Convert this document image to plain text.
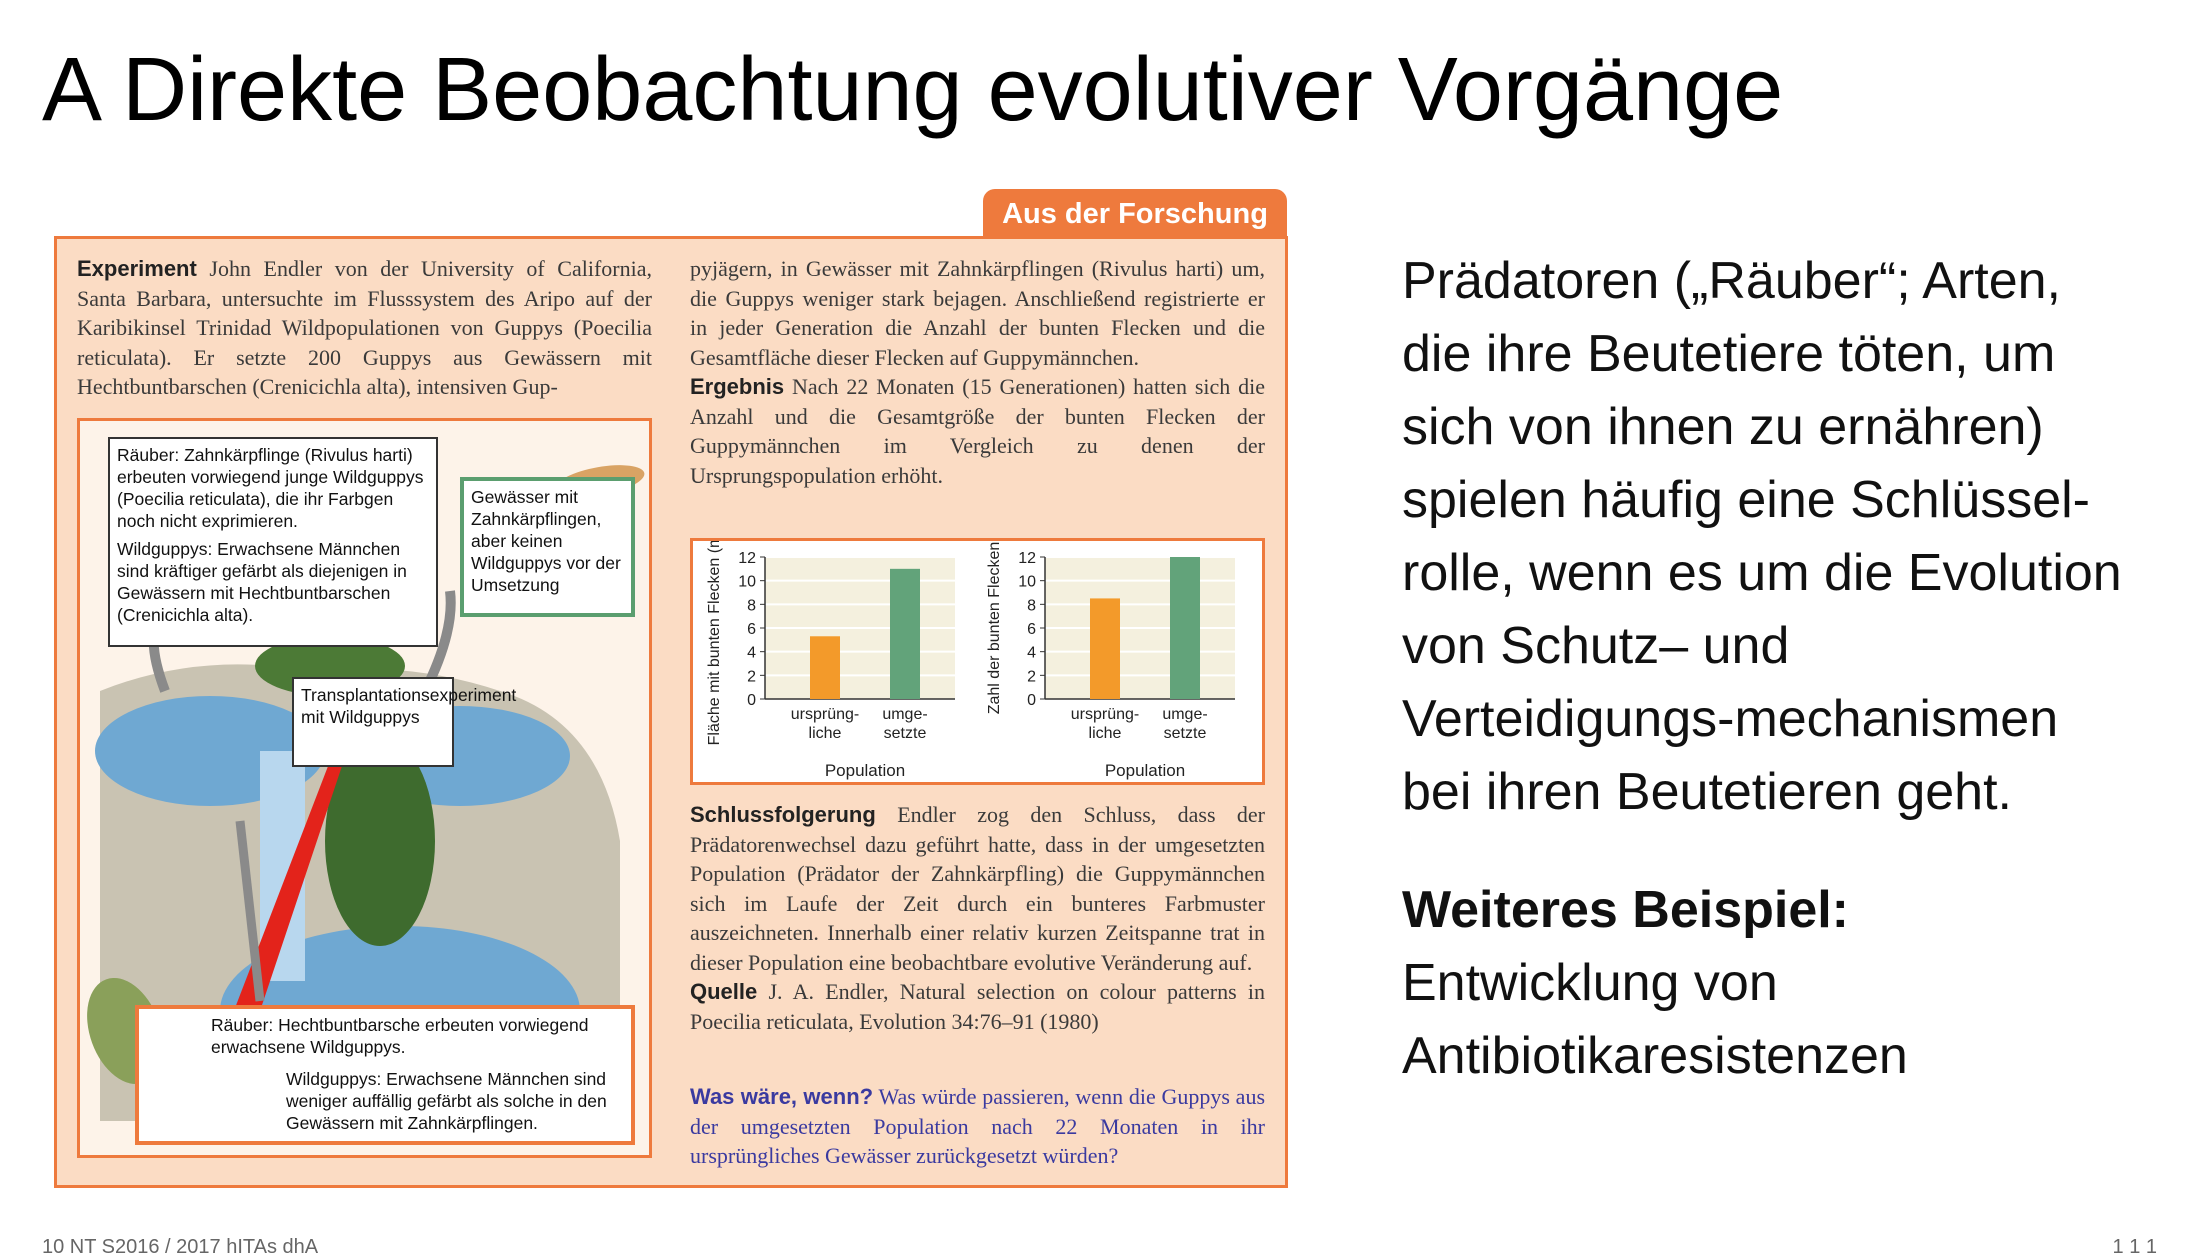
A Direkte Beobachtung evolutiver Vorgänge
Aus der Forschung
Experiment John Endler von der University of California, Santa Barbara, untersuchte im Flusssystem des Aripo auf der Karibikinsel Trinidad Wildpopulationen von Guppys (Poecilia reticulata). Er setzte 200 Guppys aus Gewässern mit Hechtbuntbarschen (Crenicichla alta), intensiven Gup-
pyjägern, in Gewässer mit Zahnkärpflingen (Rivulus harti) um, die Guppys weniger stark bejagen. Anschließend registrierte er in jeder Generation die Anzahl der bunten Flecken und die Gesamtfläche dieser Flecken auf Guppymännchen.
Ergebnis Nach 22 Monaten (15 Generationen) hatten sich die Anzahl und die Gesamtgröße der bunten Flecken der Guppymännchen im Vergleich zu denen der Ursprungspopulation erhöht.
Räuber: Zahnkärpflinge (Rivulus harti) erbeuten vorwiegend junge Wildguppys (Poecilia reticulata), die ihr Farbgen noch nicht exprimieren.
Wildguppys: Erwachsene Männchen sind kräftiger gefärbt als diejenigen in Gewässern mit Hechtbuntbarschen (Crenicichla alta).
Gewässer mit Zahnkärpflingen, aber keinen Wildguppys vor der Umsetzung
Transplantationsexperiment mit Wildguppys
Räuber: Hechtbuntbarsche erbeuten vorwiegend erwachsene Wildguppys.
Wildguppys: Erwachsene Männchen sind weniger auffällig gefärbt als solche in den Gewässern mit Zahnkärpflingen.
0
2
4
6
8
10
12
ursprüng-
liche
umge-
setzte
Population
Fläche mit bunten Flecken (mm²)	0
2
4
6
8
10
12
ursprüng-
liche
umge-
setzte
Population
Zahl der bunten Flecken
Schlussfolgerung Endler zog den Schluss, dass der Prädatorenwechsel dazu geführt hatte, dass in der umgesetzten Population (Prädator der Zahnkärpfling) die Guppymännchen sich im Laufe der Zeit durch ein bunteres Farbmuster auszeichneten. Innerhalb einer relativ kurzen Zeitspanne trat in dieser Population eine beobachtbare evolutive Veränderung auf.
Quelle J. A. Endler, Natural selection on colour patterns in Poecilia reticulata, Evolution 34:76–91 (1980)
Was wäre, wenn? Was würde passieren, wenn die Guppys aus der umgesetzten Population nach 22 Monaten in ihr ursprüngliches Gewässer zurückgesetzt würden?
Prädatoren („Räuber“; Arten, die ihre Beutetiere töten, um sich von ihnen zu ernähren) spielen häufig eine Schlüssel-rolle, wenn es um die Evolution von Schutz– und Verteidigungs-mechanismen bei ihren Beutetieren geht.
Weiteres Beispiel:
Entwicklung von Antibiotikaresistenzen
10 NT S2016 / 2017 hITAs dhA	1 1 1
